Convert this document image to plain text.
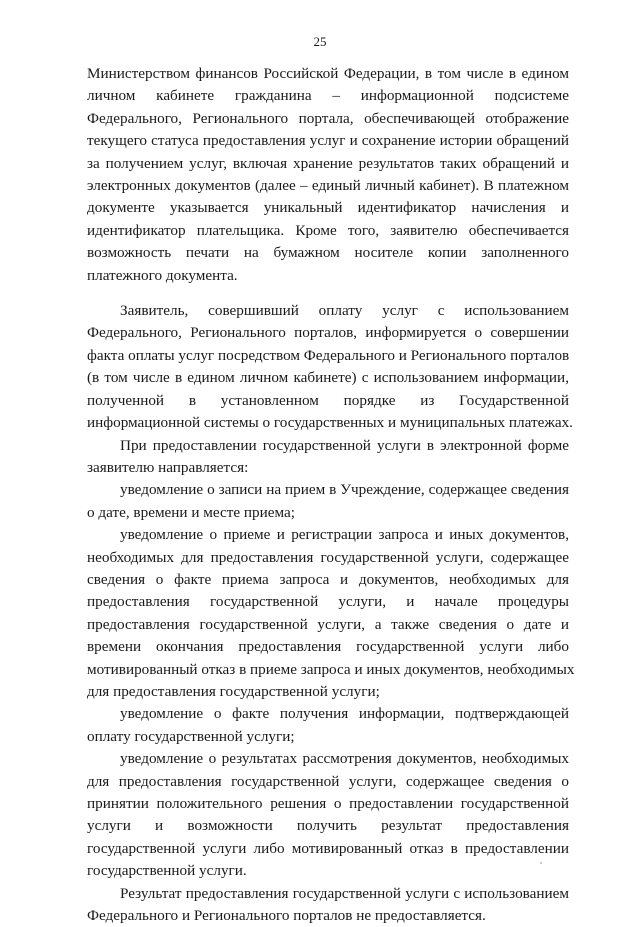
25

Министерством финансов Российской Федерации, в том числе в едином
личном кабинете гражданина – информационной подсистеме
Федерального, Регионального портала, обеспечивающей отображение
текущего статуса предоставления услуг и сохранение истории обращений
за получением услуг, включая хранение результатов таких обращений и
электронных документов (далее – единый личный кабинет). В платежном
документе указывается уникальный идентификатор начисления и
идентификатор плательщика. Кроме того, заявителю обеспечивается
возможность печати на бумажном носителе копии заполненного
платежного документа.

Заявитель, совершивший оплату услуг с использованием
Федерального, Регионального порталов, информируется о совершении
факта оплаты услуг посредством Федерального и Регионального порталов
(в том числе в едином личном кабинете) с использованием информации,
полученной в установленном порядке из Государственной
информационной системы о государственных и муниципальных платежах.

При предоставлении государственной услуги в электронной форме
заявителю направляется:

уведомление о записи на прием в Учреждение, содержащее сведения
о дате, времени и месте приема;

уведомление о приеме и регистрации запроса и иных документов,
необходимых для предоставления государственной услуги, содержащее
сведения о факте приема запроса и документов, необходимых для
предоставления государственной услуги, и начале процедуры
предоставления государственной услуги, а также сведения о дате и
времени окончания предоставления государственной услуги либо
мотивированный отказ в приеме запроса и иных документов, необходимых
для предоставления государственной услуги;

уведомление о факте получения информации, подтверждающей
оплату государственной услуги;

уведомление о результатах рассмотрения документов, необходимых
для предоставления государственной услуги, содержащее сведения о
принятии положительного решения о предоставлении государственной
услуги и возможности получить результат предоставления
государственной услуги либо мотивированный отказ в предоставлении
государственной услуги.

Результат предоставления государственной услуги с использованием
Федерального и Регионального порталов не предоставляется.
